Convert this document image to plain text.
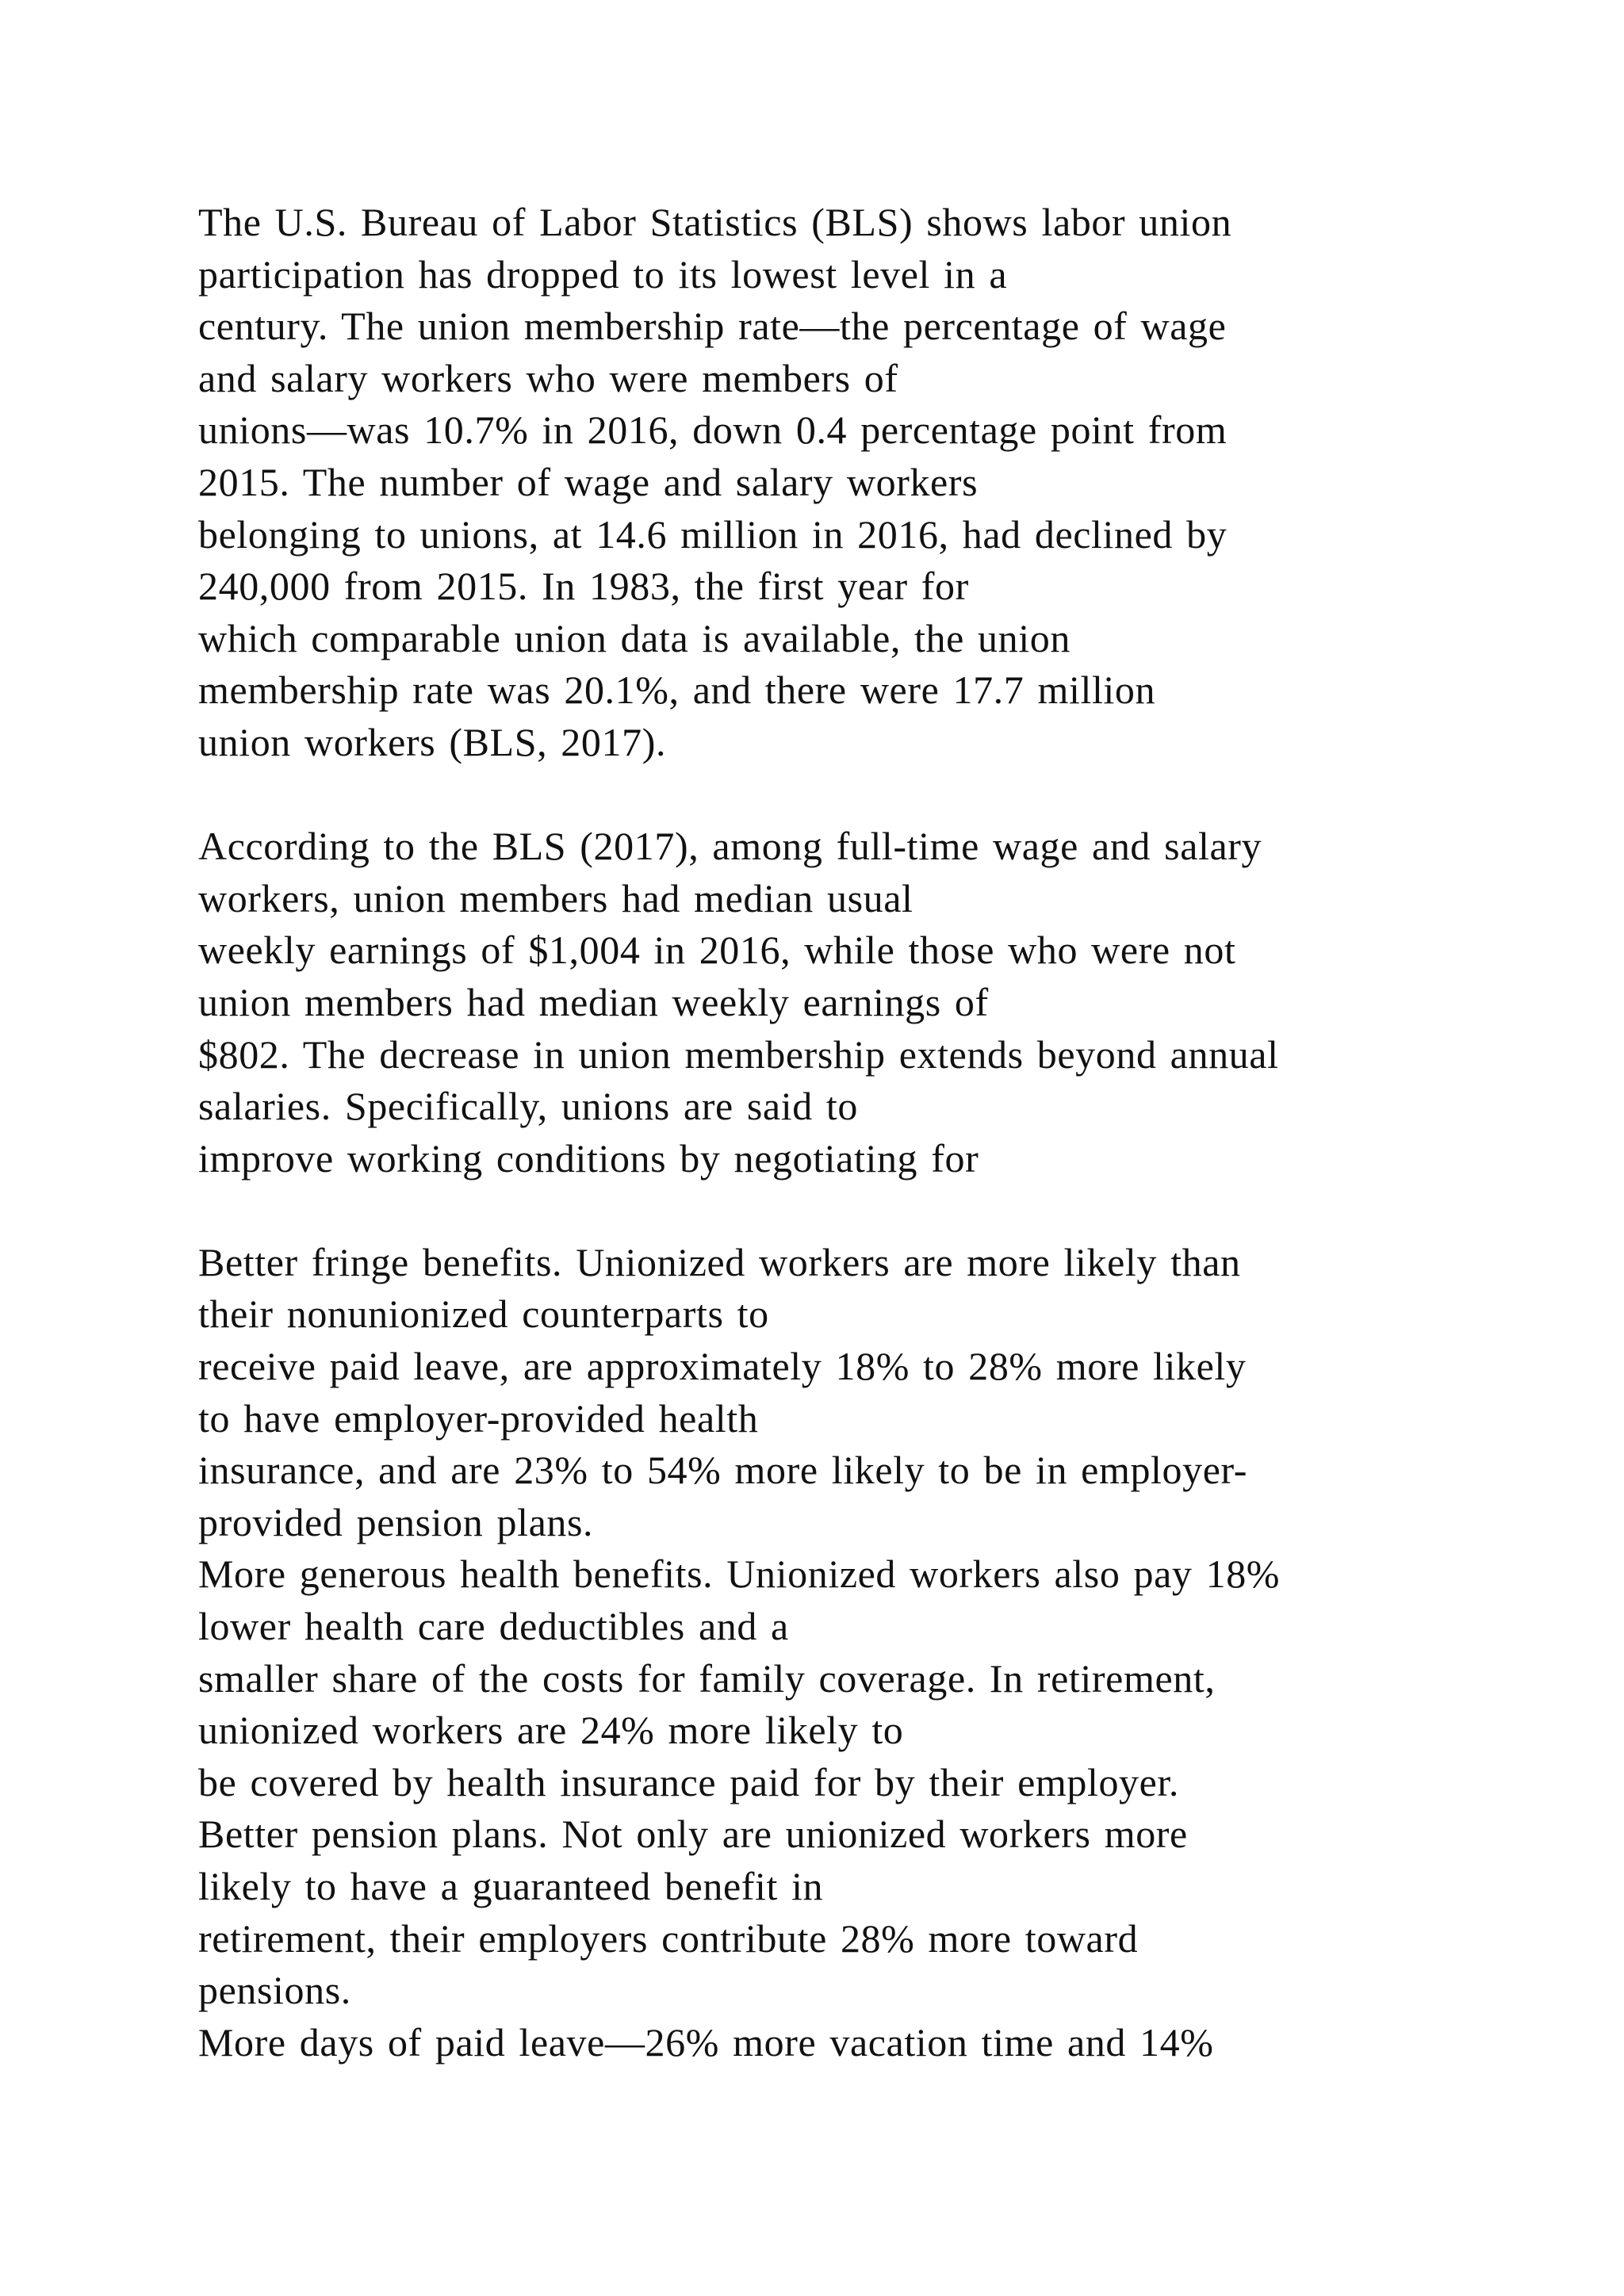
The U.S. Bureau of Labor Statistics (BLS) shows labor union
participation has dropped to its lowest level in a
century. The union membership rate—the percentage of wage
and salary workers who were members of
unions—was 10.7% in 2016, down 0.4 percentage point from
2015. The number of wage and salary workers
belonging to unions, at 14.6 million in 2016, had declined by
240,000 from 2015. In 1983, the first year for
which comparable union data is available, the union
membership rate was 20.1%, and there were 17.7 million
union workers (BLS, 2017).
According to the BLS (2017), among full-time wage and salary
workers, union members had median usual
weekly earnings of $1,004 in 2016, while those who were not
union members had median weekly earnings of
$802. The decrease in union membership extends beyond annual
salaries. Specifically, unions are said to
improve working conditions by negotiating for
Better fringe benefits. Unionized workers are more likely than
their nonunionized counterparts to
receive paid leave, are approximately 18% to 28% more likely
to have employer-provided health
insurance, and are 23% to 54% more likely to be in employer-
provided pension plans.
More generous health benefits. Unionized workers also pay 18%
lower health care deductibles and a
smaller share of the costs for family coverage. In retirement,
unionized workers are 24% more likely to
be covered by health insurance paid for by their employer.
Better pension plans. Not only are unionized workers more
likely to have a guaranteed benefit in
retirement, their employers contribute 28% more toward
pensions.
More days of paid leave—26% more vacation time and 14%
